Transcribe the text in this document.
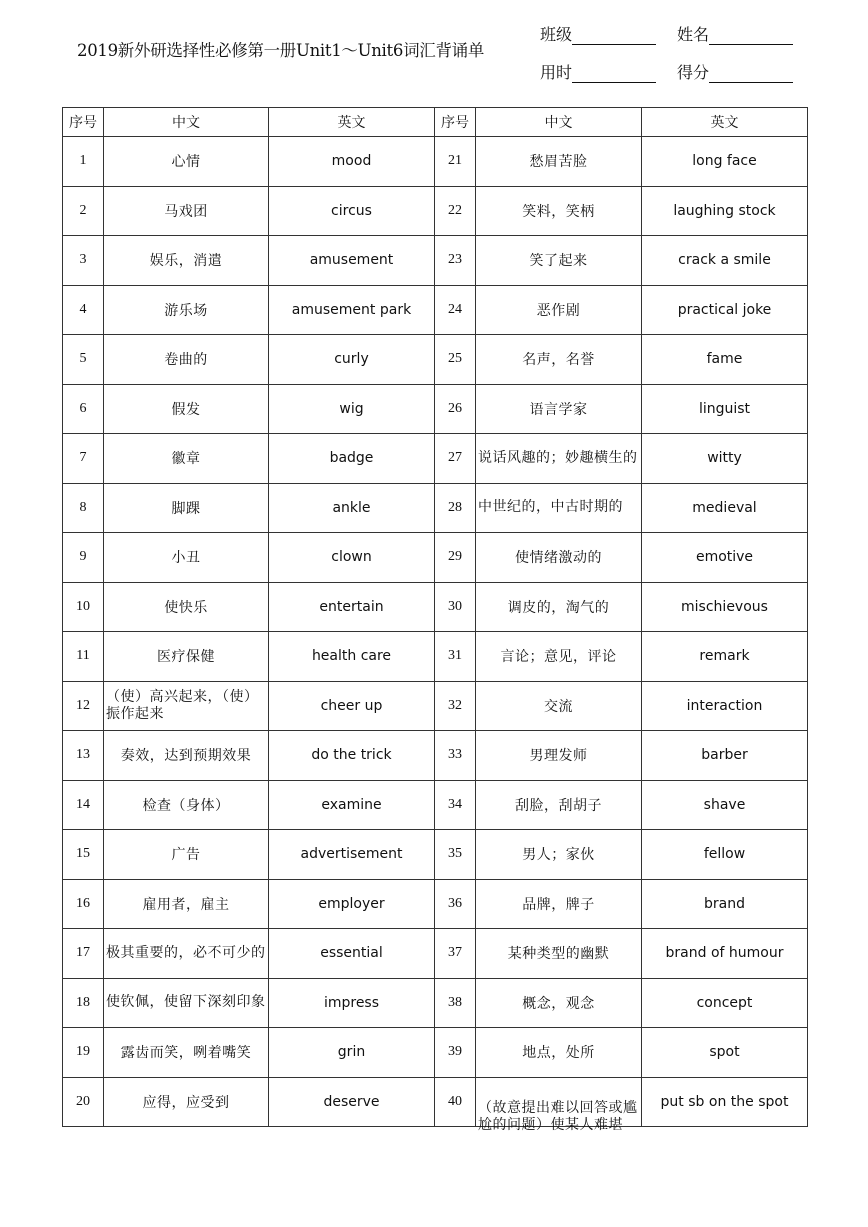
2019新外研选择性必修第一册Unit1～Unit6词汇背诵单
班级	姓名
用时	得分
序号	中文	英文	序号	中文	英文
1	心情	mood	21	愁眉苦脸	long face
2	马戏团	circus	22	笑料，笑柄	laughing stock
3	娱乐，消遣	amusement	23	笑了起来	crack a smile
4	游乐场	amusement park	24	恶作剧	practical joke
5	卷曲的	curly	25	名声，名誉	fame
6	假发	wig	26	语言学家	linguist
7	徽章	badge	27	说话风趣的；妙趣横生的	witty
8	脚踝	ankle	28	中世纪的，中古时期的	medieval
9	小丑	clown	29	使情绪激动的	emotive
10	使快乐	entertain	30	调皮的，淘气的	mischievous
11	医疗保健	health care	31	言论；意见，评论	remark
12	（使）高兴起来，（使）振作起来	cheer up	32	交流	interaction
13	奏效，达到预期效果	do the trick	33	男理发师	barber
14	检查（身体）	examine	34	刮脸，刮胡子	shave
15	广告	advertisement	35	男人；家伙	fellow
16	雇用者，雇主	employer	36	品牌，牌子	brand
17	极其重要的，必不可少的	essential	37	某种类型的幽默	brand of humour
18	使钦佩，使留下深刻印象	impress	38	概念，观念	concept
19	露齿而笑，咧着嘴笑	grin	39	地点，处所	spot
20	应得，应受到	deserve	40	（故意提出难以回答或尴尬的问题）使某人难堪	put sb on the spot
